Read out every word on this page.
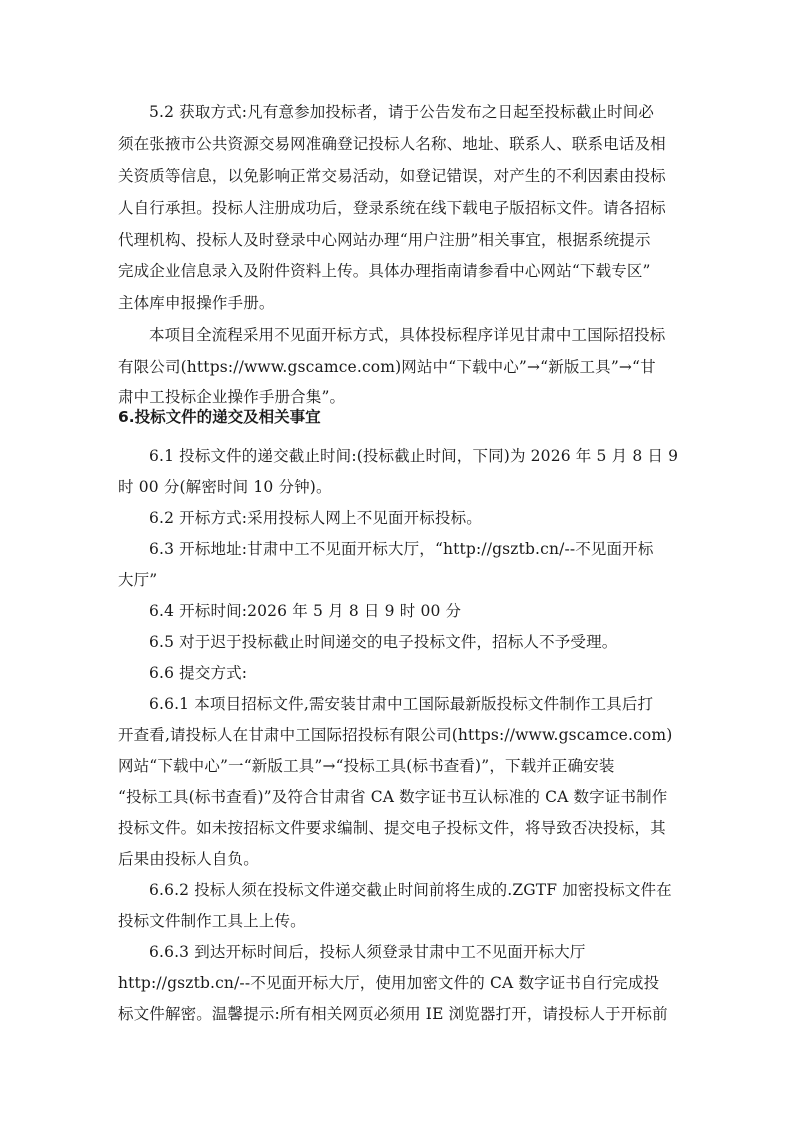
5.2 获取方式:凡有意参加投标者，请于公告发布之日起至投标截止时间必
须在张掖市公共资源交易网准确登记投标人名称、地址、联系人、联系电话及相
关资质等信息，以免影响正常交易活动，如登记错误，对产生的不利因素由投标
人自行承担。投标人注册成功后，登录系统在线下载电子版招标文件。请各招标
代理机构、投标人及时登录中心网站办理“用户注册”相关事宜，根据系统提示
完成企业信息录入及附件资料上传。具体办理指南请参看中心网站“下载专区”
主体库申报操作手册。
本项目全流程采用不见面开标方式，具体投标程序详见甘肃中工国际招投标
有限公司(https://www.gscamce.com)网站中“下载中心”→“新版工具”→“甘
肃中工投标企业操作手册合集”。
6.投标文件的递交及相关事宜
6.1 投标文件的递交截止时间:(投标截止时间，下同)为 2026 年 5 月 8 日 9
时 00 分(解密时间 10 分钟)。
6.2 开标方式:采用投标人网上不见面开标投标。
6.3 开标地址:甘肃中工不见面开标大厅，“http://gsztb.cn/--不见面开标
大厅”
6.4 开标时间:2026 年 5 月 8 日 9 时 00 分
6.5 对于迟于投标截止时间递交的电子投标文件，招标人不予受理。
6.6 提交方式:
6.6.1 本项目招标文件,需安装甘肃中工国际最新版投标文件制作工具后打
开查看,请投标人在甘肃中工国际招投标有限公司(https://www.gscamce.com)
网站“下载中心”一“新版工具”→“投标工具(标书查看)”，下载并正确安装
“投标工具(标书查看)”及符合甘肃省 CA 数字证书互认标准的 CA 数字证书制作
投标文件。如未按招标文件要求编制、提交电子投标文件，将导致否决投标，其
后果由投标人自负。
6.6.2 投标人须在投标文件递交截止时间前将生成的.ZGTF 加密投标文件在
投标文件制作工具上上传。
6.6.3 到达开标时间后，投标人须登录甘肃中工不见面开标大厅
http://gsztb.cn/--不见面开标大厅，使用加密文件的 CA 数字证书自行完成投
标文件解密。温馨提示:所有相关网页必须用 IE 浏览器打开，请投标人于开标前
